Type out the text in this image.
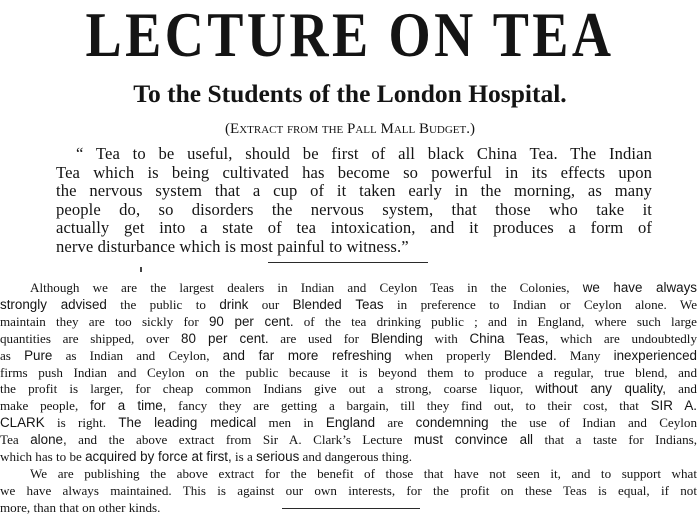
LECTURE ON TEA
To the Students of the London Hospital.
(Extract from the Pall Mall Budget.)
“ Tea to be useful, should be first of all black China Tea. The Indian
Tea which is being cultivated has become so powerful in its effects upon
the nervous system that a cup of it taken early in the morning, as many
people do, so disorders the nervous system, that those who take it
actually get into a state of tea intoxication, and it produces a form of
nerve disturbance which is most painful to witness.”
Although we are the largest dealers in Indian and Ceylon Teas in the Colonies, we have always
strongly advised the public to drink our Blended Teas in preference to Indian or Ceylon alone. We
maintain they are too sickly for 90 per cent. of the tea drinking public ; and in England, where such large
quantities are shipped, over 80 per cent. are used for Blending with China Teas, which are undoubtedly
as Pure as Indian and Ceylon, and far more refreshing when properly Blended. Many inexperienced
firms push Indian and Ceylon on the public because it is beyond them to produce a regular, true blend, and
the profit is larger, for cheap common Indians give out a strong, coarse liquor, without any quality, and
make people, for a time, fancy they are getting a bargain, till they find out, to their cost, that SIR A.
CLARK is right. The leading medical men in England are condemning the use of Indian and Ceylon
Tea alone, and the above extract from Sir A. Clark’s Lecture must convince all that a taste for Indians,
which has to be acquired by force at first, is a serious and dangerous thing.
We are publishing the above extract for the benefit of those that have not seen it, and to support what
we have always maintained. This is against our own interests, for the profit on these Teas is equal, if not
more, than that on other kinds.
